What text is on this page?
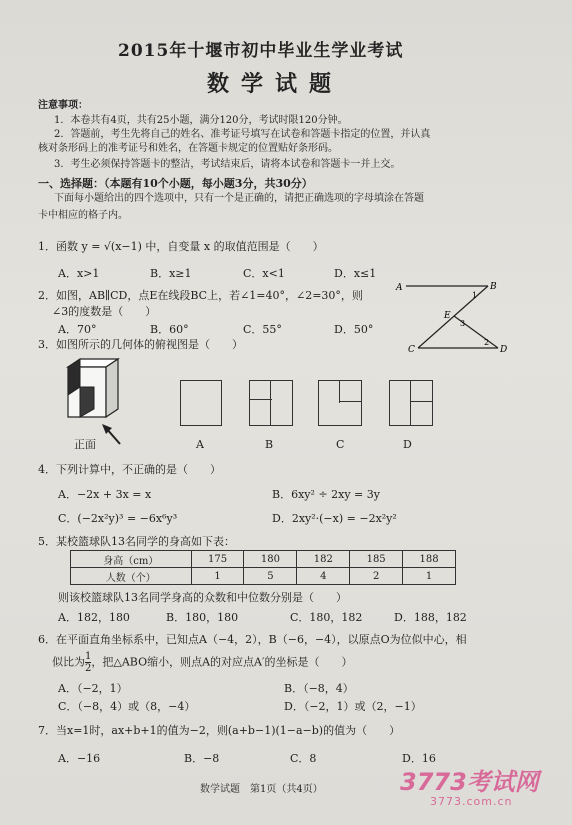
2015年十堰市初中毕业生学业考试
数学试题
注意事项：
1．本卷共有4页，共有25小题，满分120分，考试时限120分钟。
2．答题前，考生先将自己的姓名、准考证号填写在试卷和答题卡指定的位置，并认真
核对条形码上的准考证号和姓名，在答题卡规定的位置贴好条形码。
3．考生必须保持答题卡的整洁，考试结束后，请将本试卷和答题卡一并上交。
一、选择题：（本题有10个小题，每小题3分，共30分）
下面每小题给出的四个选项中，只有一个是正确的，请把正确选项的字母填涂在答题
卡中相应的格子内。
1．函数 y = √(x−1) 中，自变量 x 的取值范围是（　　）
A．x>1	B．x≥1	C．x<1	D．x≤1
2．如图，AB∥CD，点E在线段BC上，若∠1=40°，∠2=30°，则
∠3的度数是（　　）
A．70°	B．60°	C．55°	D．50°
A	B
E
3
C	D
1
2
3．如图所示的几何体的俯视图是（　　）
正面	A	B	C	D
4．下列计算中，不正确的是（　　）
A．−2x + 3x = x	B．6xy² ÷ 2xy = 3y
C．(−2x²y)³ = −6x⁶y³	D．2xy²·(−x) = −2x²y²
5．某校篮球队13名同学的身高如下表：
身高（cm）	175	180	182	185	188
人数（个）	1	5	4	2	1
则该校篮球队13名同学身高的众数和中位数分别是（　　）
A．182，180	B．180，180	C．180，182	D．188，182
6．在平面直角坐标系中，已知点A（−4，2），B（−6，−4），以原点O为位似中心，相
似比为 $\frac{1}{2}$ ，把△ABO缩小，则点A的对应点A′的坐标是（　　）
A．（−2，1）	B．（−8，4）
C．（−8，4）或（8，−4）	D．（−2，1）或（2，−1）
7．当x=1时，ax+b+1的值为−2，则(a+b−1)(1−a−b)的值为（　　）
A．−16	B．−8	C．8	D．16
数学试题　第1页（共4页）	3773考试网
3773.com.cn
